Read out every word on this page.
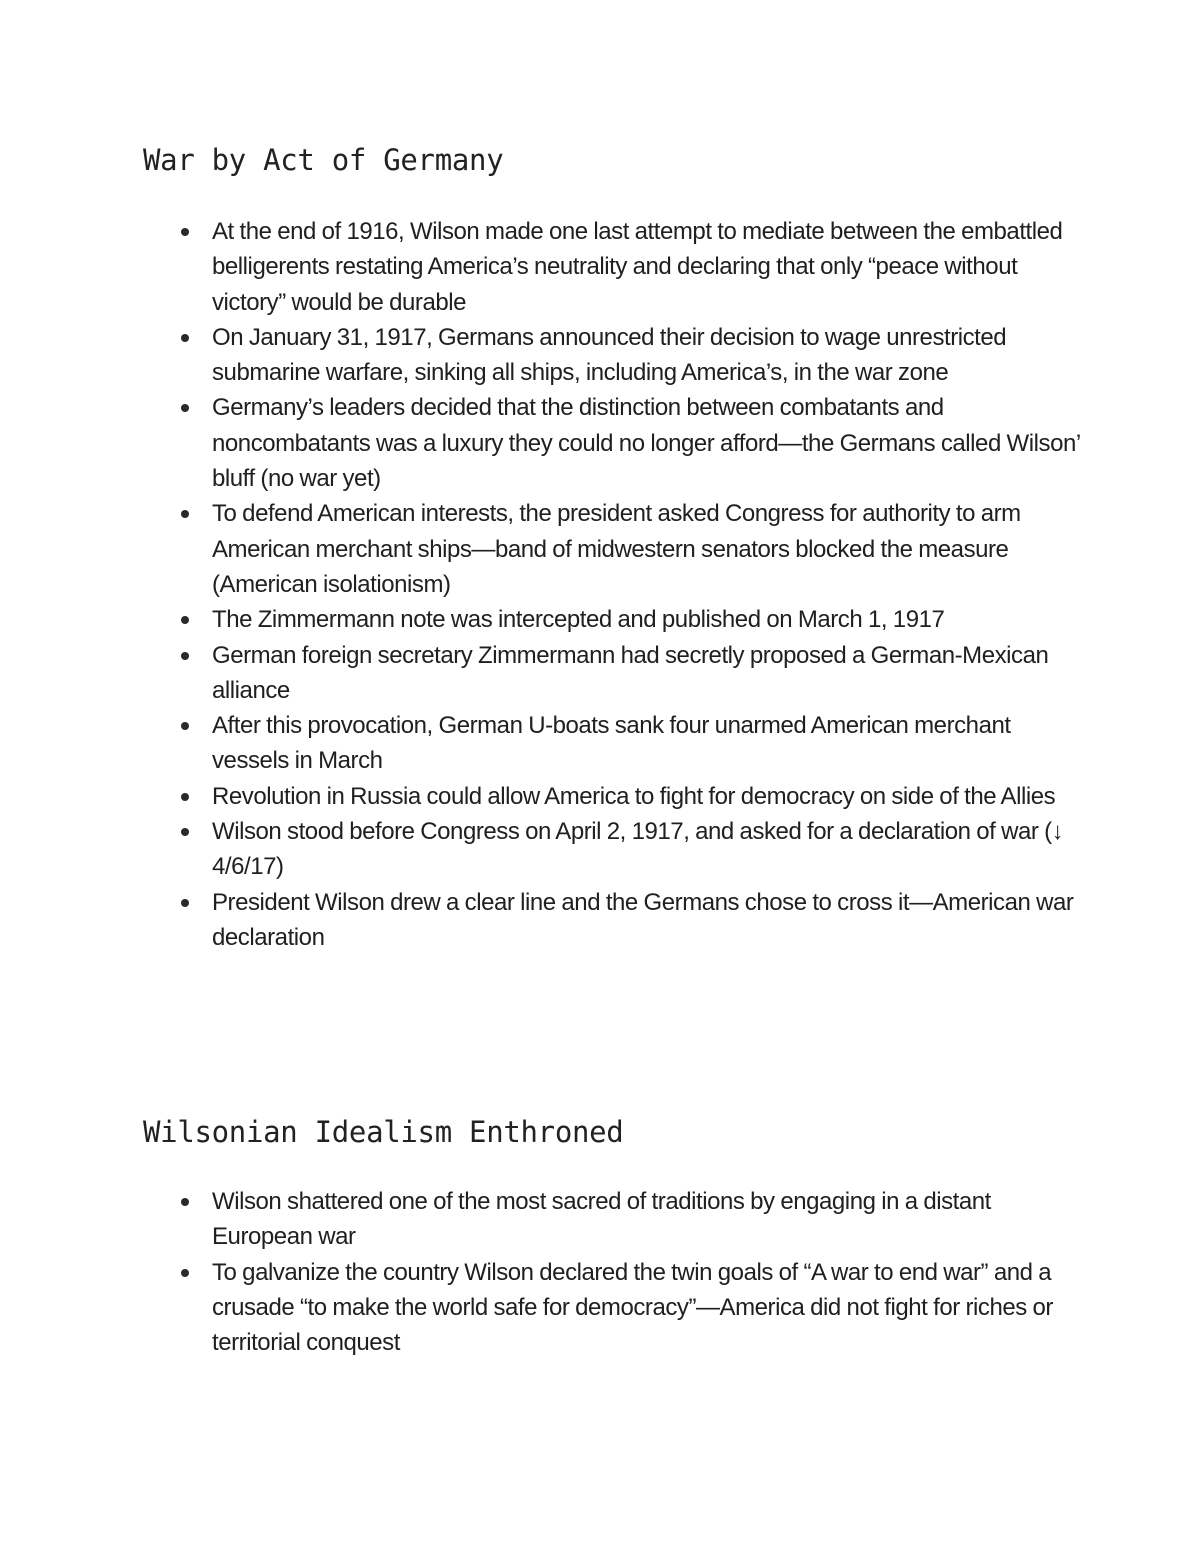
War by Act of Germany
At the end of 1916, Wilson made one last attempt to mediate between the embattled belligerents restating America’s neutrality and declaring that only “peace without victory” would be durable
On January 31, 1917, Germans announced their decision to wage unrestricted submarine warfare, sinking all ships, including America’s, in the war zone
Germany’s leaders decided that the distinction between combatants and noncombatants was a luxury they could no longer afford—the Germans called Wilson’ bluff (no war yet)
To defend American interests, the president asked Congress for authority to arm American merchant ships—band of midwestern senators blocked the measure (American isolationism)
The Zimmermann note was intercepted and published on March 1, 1917
German foreign secretary Zimmermann had secretly proposed a German-Mexican alliance
After this provocation, German U-boats sank four unarmed American merchant vessels in March
Revolution in Russia could allow America to fight for democracy on side of the Allies
Wilson stood before Congress on April 2, 1917, and asked for a declaration of war (↓ 4/6/17)
President Wilson drew a clear line and the Germans chose to cross it—American war declaration
Wilsonian Idealism Enthroned
Wilson shattered one of the most sacred of traditions by engaging in a distant European war
To galvanize the country Wilson declared the twin goals of “A war to end war” and a crusade “to make the world safe for democracy”—America did not fight for riches or territorial conquest
